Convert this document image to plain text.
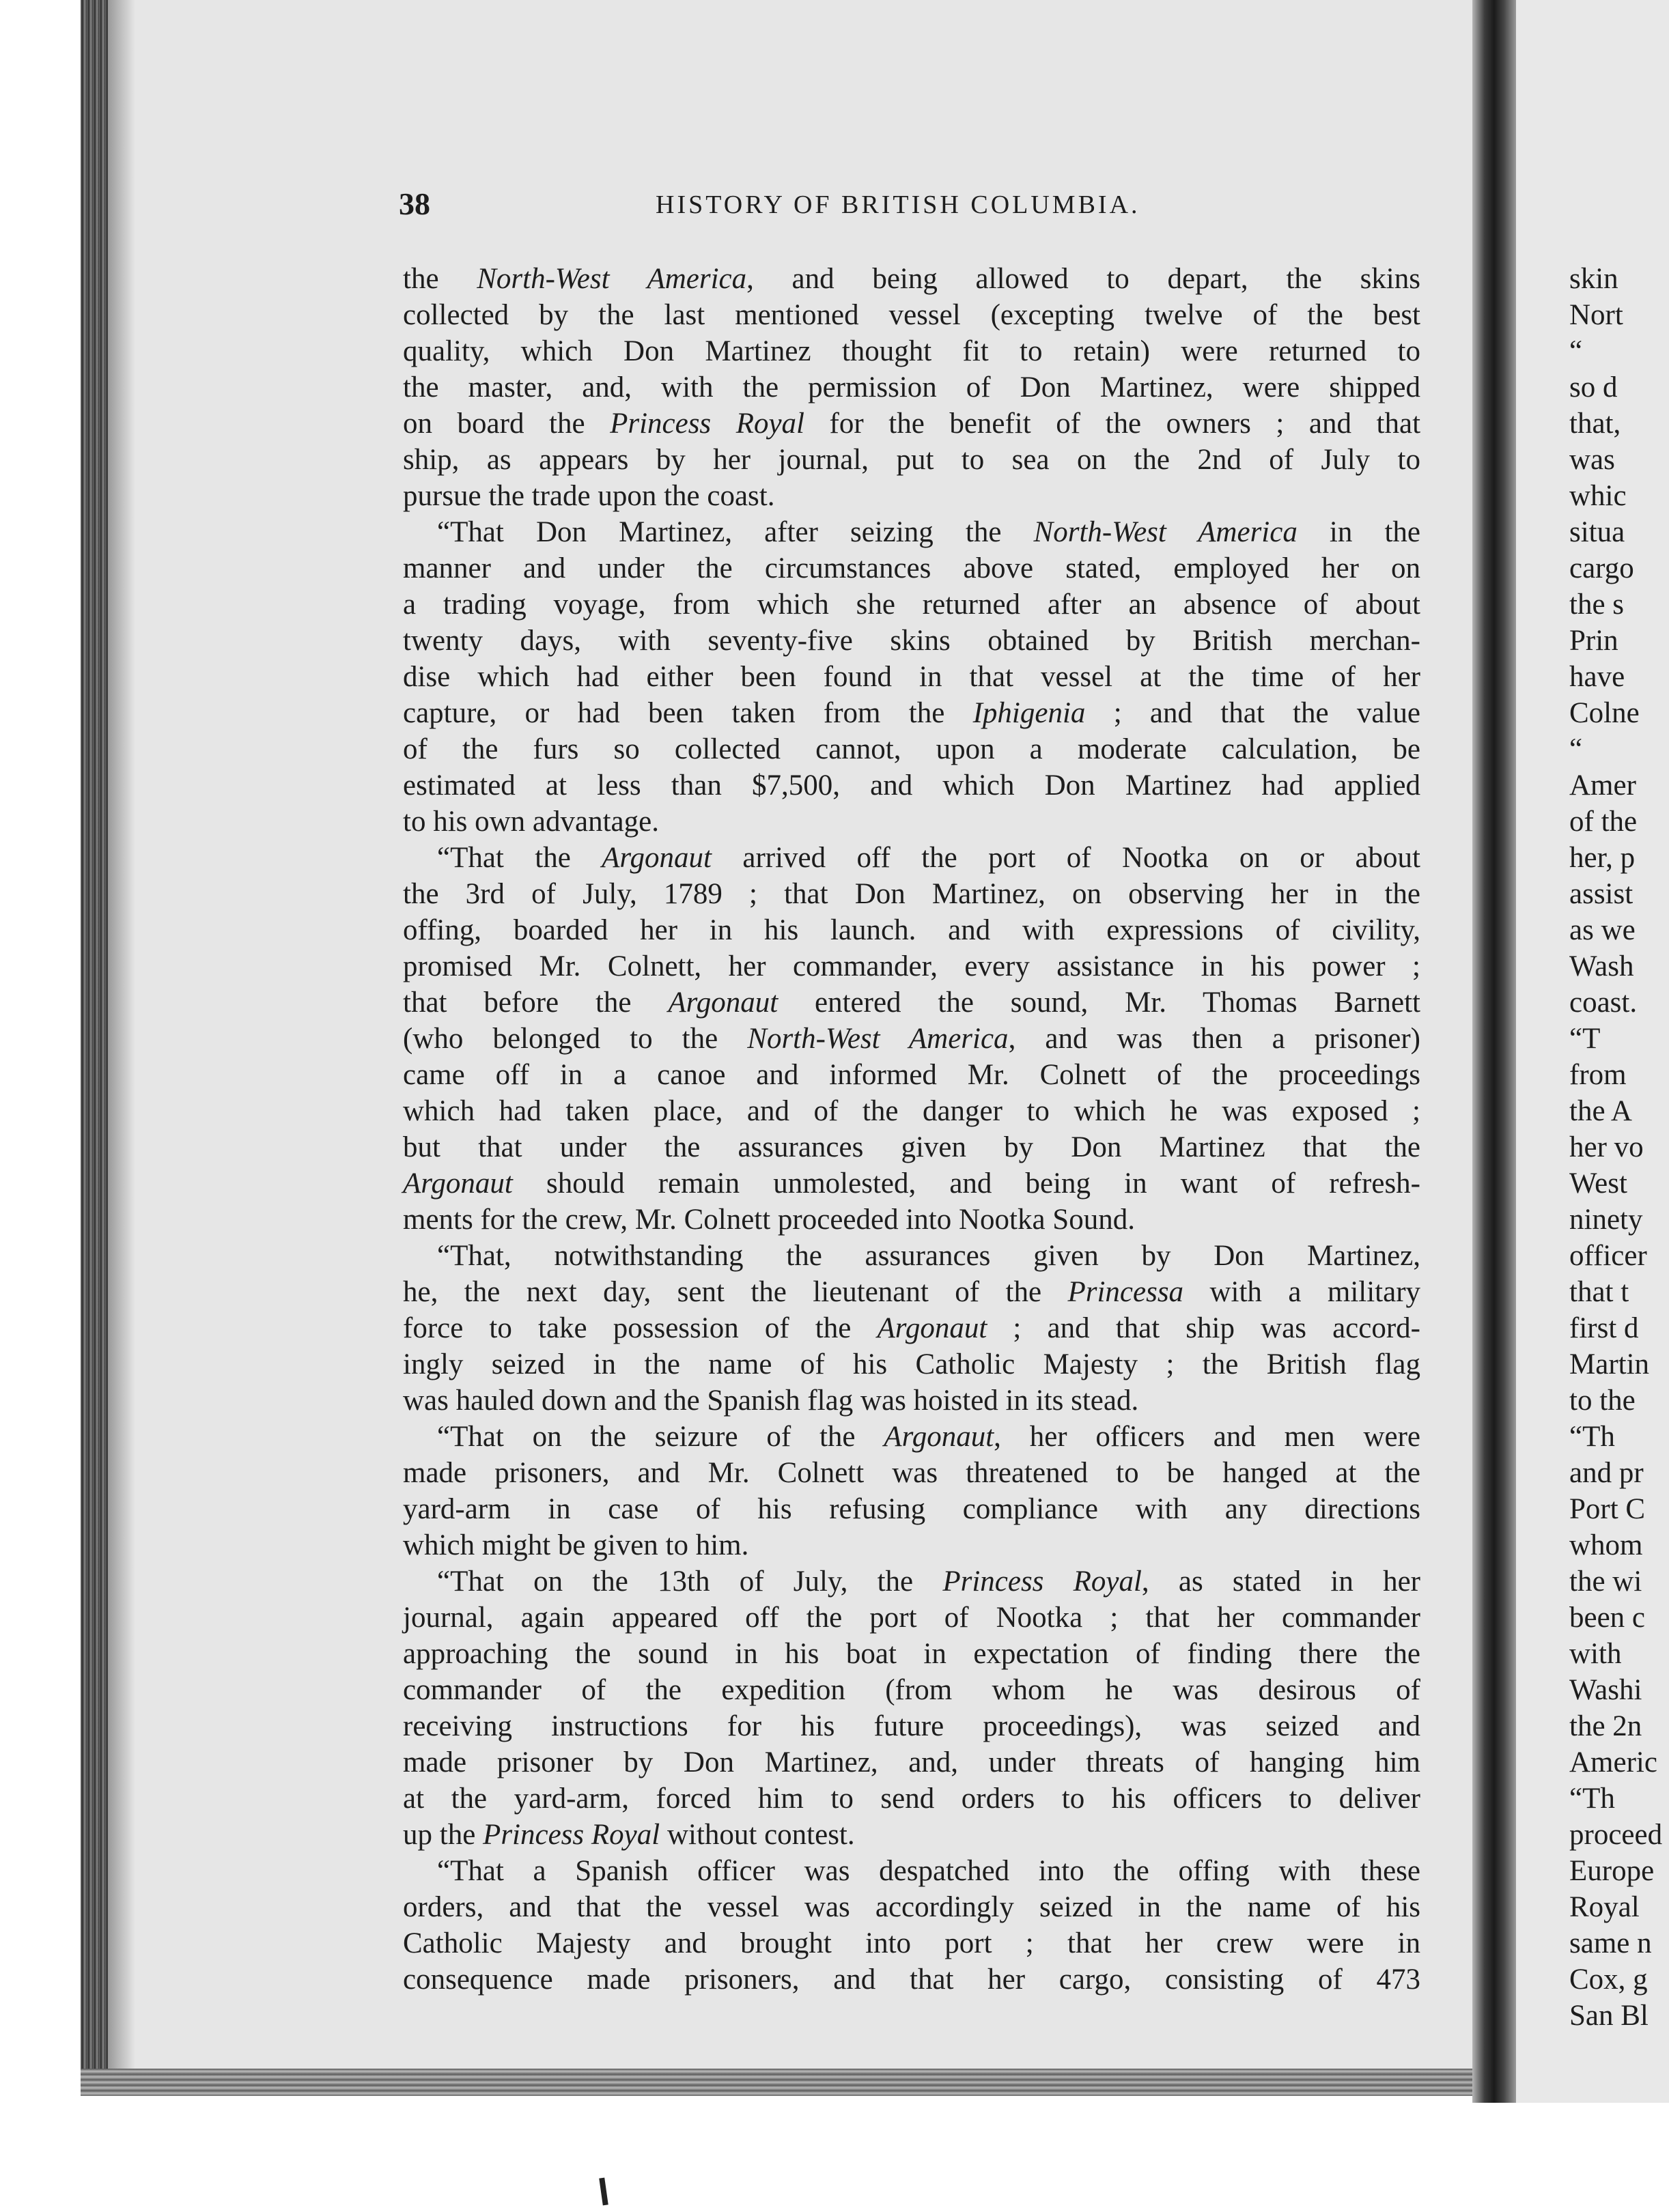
38	HISTORY OF BRITISH COLUMBIA.
the North-West America, and being allowed to depart, the skins
collected by the last mentioned vessel (excepting twelve of the best
quality, which Don Martinez thought fit to retain) were returned to
the master, and, with the permission of Don Martinez, were shipped
on board the Princess Royal for the benefit of the owners ; and that
ship, as appears by her journal, put to sea on the 2nd of July to
pursue the trade upon the coast.
“That Don Martinez, after seizing the North-West America in the
manner and under the circumstances above stated, employed her on
a trading voyage, from which she returned after an absence of about
twenty days, with seventy-five skins obtained by British merchan-
dise which had either been found in that vessel at the time of her
capture, or had been taken from the Iphigenia ; and that the value
of the furs so collected cannot, upon a moderate calculation, be
estimated at less than $7,500, and which Don Martinez had applied
to his own advantage.
“That the Argonaut arrived off the port of Nootka on or about
the 3rd of July, 1789 ; that Don Martinez, on observing her in the
offing, boarded her in his launch. and with expressions of civility,
promised Mr. Colnett, her commander, every assistance in his power ;
that before the Argonaut entered the sound, Mr. Thomas Barnett
(who belonged to the North-West America, and was then a prisoner)
came off in a canoe and informed Mr. Colnett of the proceedings
which had taken place, and of the danger to which he was exposed ;
but that under the assurances given by Don Martinez that the
Argonaut should remain unmolested, and being in want of refresh-
ments for the crew, Mr. Colnett proceeded into Nootka Sound.
“That, notwithstanding the assurances given by Don Martinez,
he, the next day, sent the lieutenant of the Princessa with a military
force to take possession of the Argonaut ; and that ship was accord-
ingly seized in the name of his Catholic Majesty ; the British flag
was hauled down and the Spanish flag was hoisted in its stead.
“That on the seizure of the Argonaut, her officers and men were
made prisoners, and Mr. Colnett was threatened to be hanged at the
yard-arm in case of his refusing compliance with any directions
which might be given to him.
“That on the 13th of July, the Princess Royal, as stated in her
journal, again appeared off the port of Nootka ; that her commander
approaching the sound in his boat in expectation of finding there the
commander of the expedition (from whom he was desirous of
receiving instructions for his future proceedings), was seized and
made prisoner by Don Martinez, and, under threats of hanging him
at the yard-arm, forced him to send orders to his officers to deliver
up the Princess Royal without contest.
“That a Spanish officer was despatched into the offing with these
orders, and that the vessel was accordingly seized in the name of his
Catholic Majesty and brought into port ; that her crew were in
consequence made prisoners, and that her cargo, consisting of 473
skin
Nort
“
so d
that,
was
whic
situa
cargo
the s
Prin
have
Colne
“
Amer
of the
her, p
assist
as we
Wash
coast.
“T
from
the A
her vo
West
ninety
officer
that t
first d
Martin
to the
“Th
and pr
Port C
whom
the wi
been c
with
Washi
the 2n
Americ
“Th
proceed
Europe
Royal
same n
Cox, g
San Bl
